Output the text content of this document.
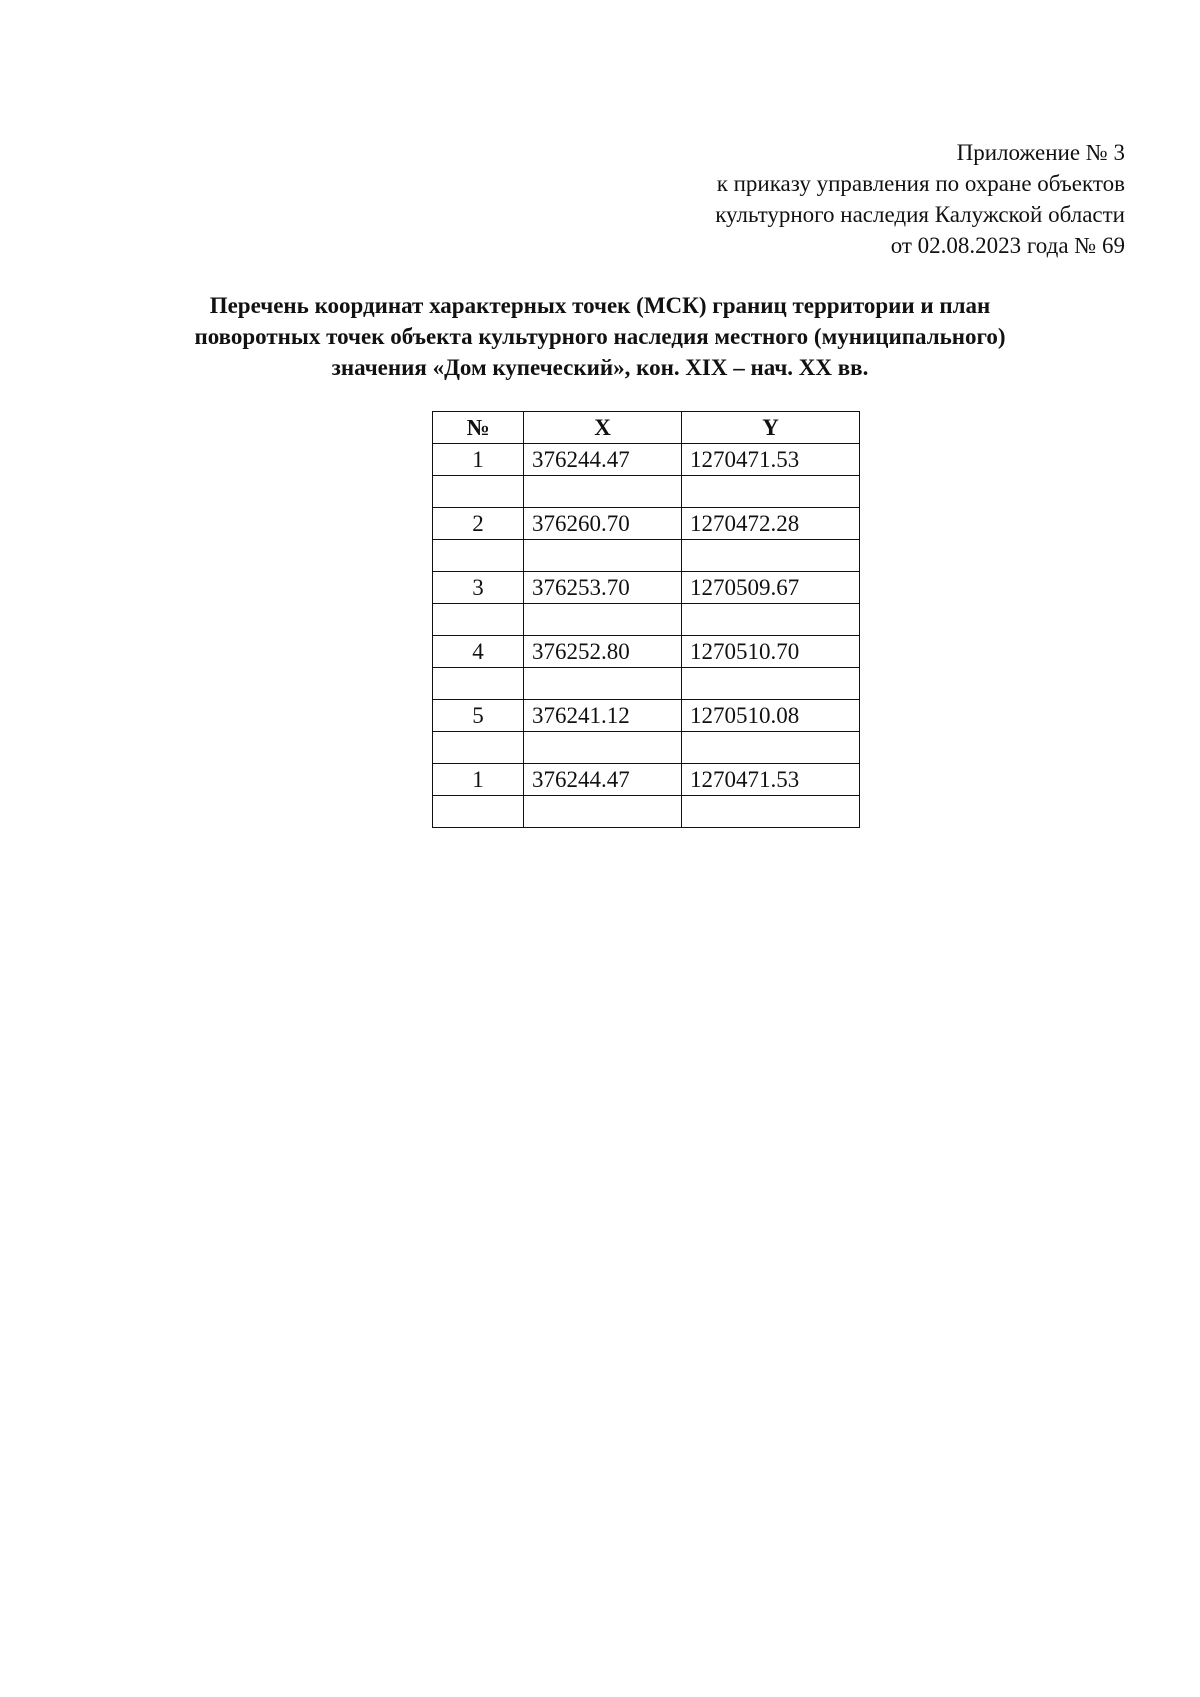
Приложение № 3
к приказу управления по охране объектов
культурного наследия Калужской области
от 02.08.2023 года № 69
Перечень координат характерных точек (МСК) границ территории и план
поворотных точек объекта культурного наследия местного (муниципального)
значения «Дом купеческий», кон. XIX – нач. XX вв.
№	X	Y
1	376244.47	1270471.53

2	376260.70	1270472.28

3	376253.70	1270509.67

4	376252.80	1270510.70

5	376241.12	1270510.08

1	376244.47	1270471.53
